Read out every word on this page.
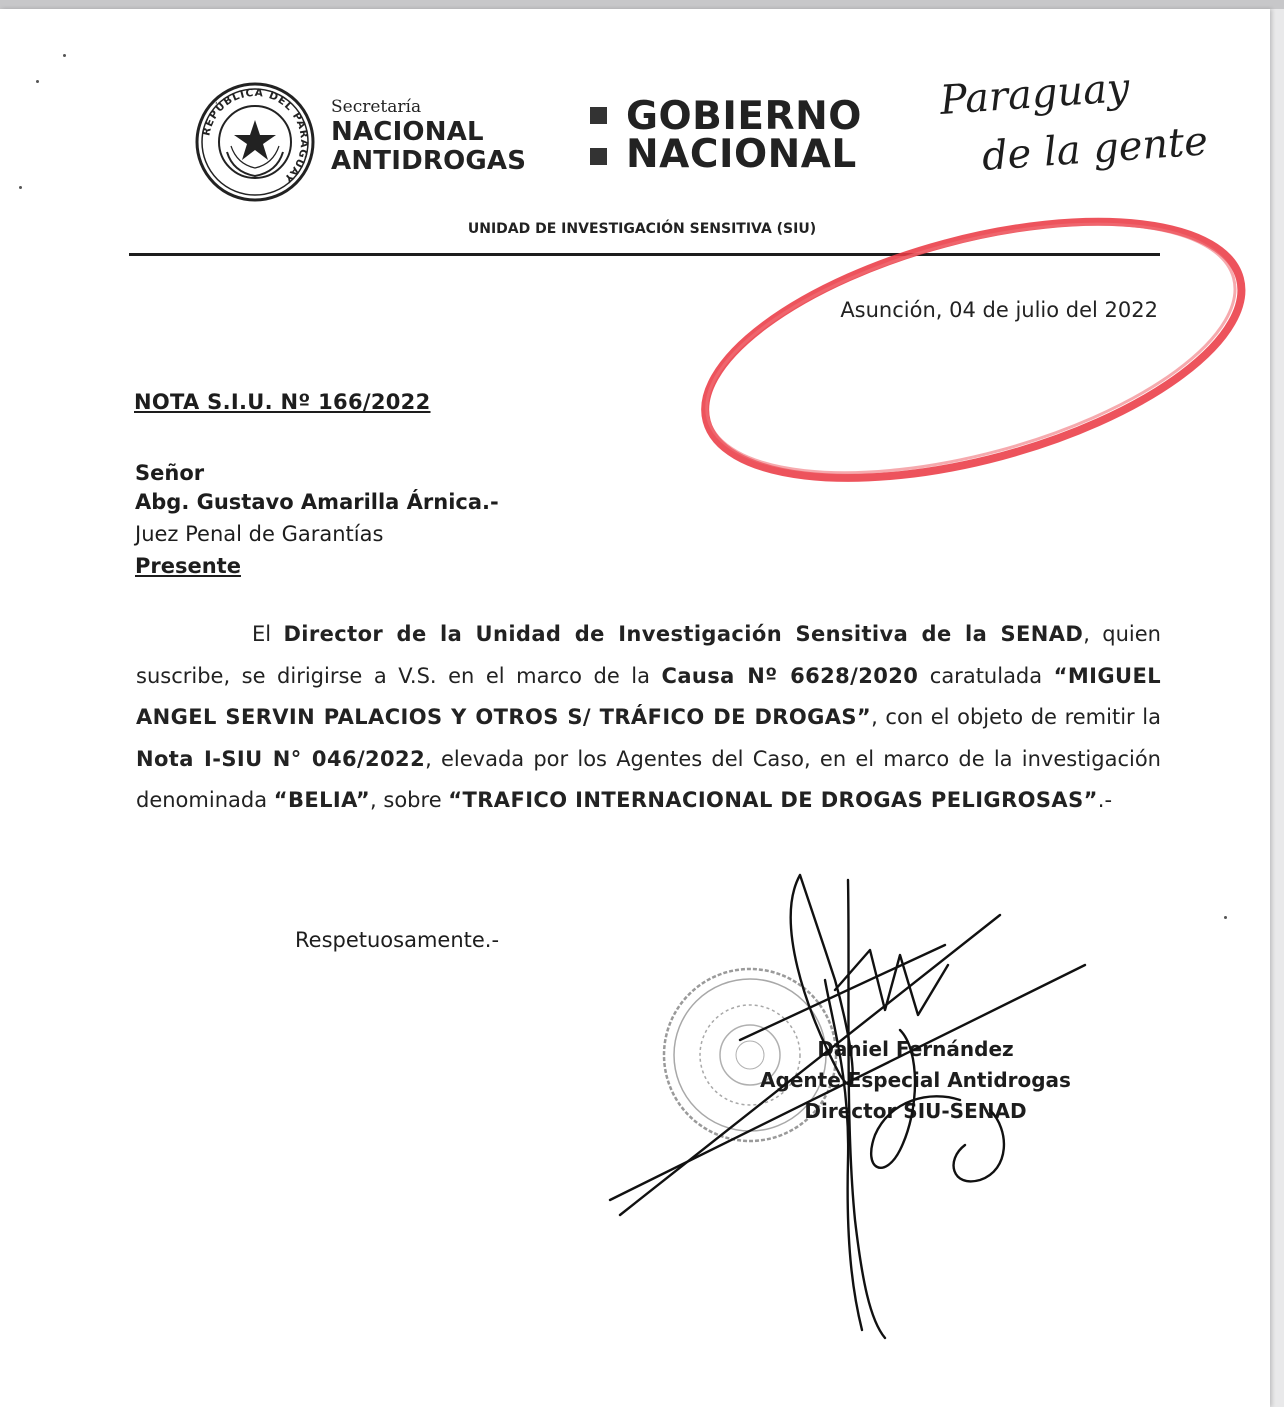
REPÚBLICA DEL PARAGUAY
Secretaría
NACIONAL
ANTIDROGAS
GOBIERNO
NACIONAL
Paraguay
de la gente
UNIDAD DE INVESTIGACIÓN SENSITIVA (SIU)
Asunción, 04 de julio del 2022
NOTA S.I.U. Nº 166/2022
Señor
Abg. Gustavo Amarilla Árnica.-
Juez Penal de Garantías
Presente
El Director de la Unidad de Investigación Sensitiva de la SENAD, quien suscribe, se dirigirse a V.S. en el marco de la Causa Nº 6628/2020 caratulada “MIGUEL ANGEL SERVIN PALACIOS Y OTROS S/ TRÁFICO DE DROGAS”, con el objeto de remitir la Nota I-SIU N° 046/2022, elevada por los Agentes del Caso, en el marco de la investigación denominada “BELIA”, sobre “TRAFICO INTERNACIONAL DE DROGAS PELIGROSAS”.-
Respetuosamente.-
Daniel Fernández
Agente Especial Antidrogas
Director SIU-SENAD
